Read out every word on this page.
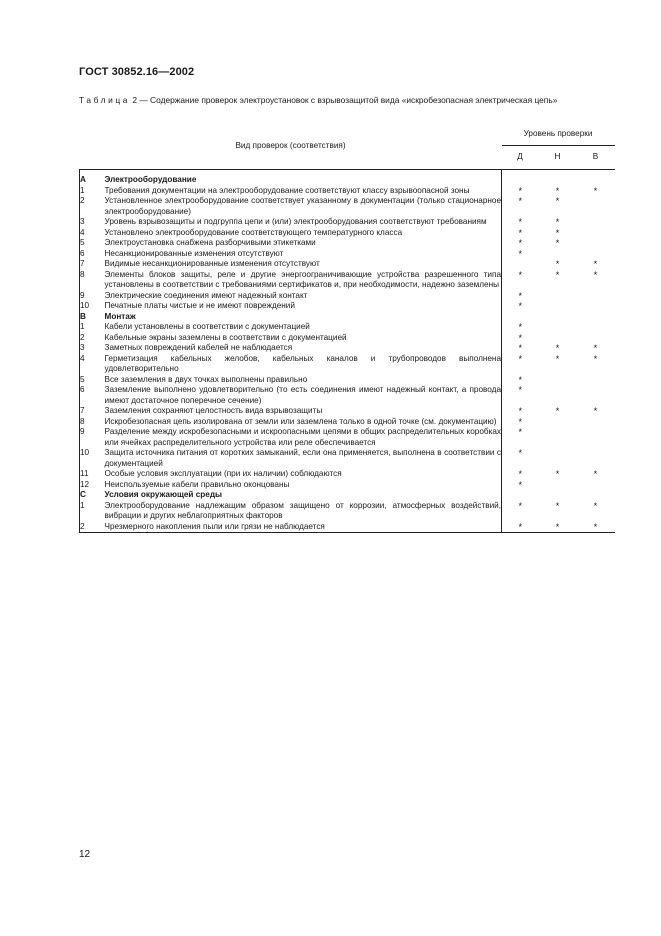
ГОСТ 30852.16—2002
Таблица 2 — Содержание проверок электроустановок с взрывозащитой вида «искробезопасная электрическая цепь»
Вид проверок (соответствия)		Уровень проверки		
		Д	Н	В
A	Электрооборудование			
1	Требования документации на электрооборудование соответствуют классу взрывоопасной зоны	*	*	*
2	Установленное электрооборудование соответствует указанному в документации (только стационарное электрооборудование)	*	*	
3	Уровень взрывозащиты и подгруппа цепи и (или) электрооборудования соответствуют требованиям	*	*	
4	Установлено электрооборудование соответствующего температурного класса	*	*	
5	Электроустановка снабжена разборчивыми этикетками	*	*	
6	Несанкционированные изменения отсутствуют	*		
7	Видимые несанкционированные изменения отсутствуют		*	*
8	Элементы блоков защиты, реле и другие энергоограничивающие устройства разрешенного типа установлены в соответствии с требованиями сертификатов и, при необходимости, надежно заземлены	*	*	*
9	Электрические соединения имеют надежный контакт	*		
10	Печатные платы чистые и не имеют повреждений	*		
B	Монтаж			
1	Кабели установлены в соответствии с документацией	*		
2	Кабельные экраны заземлены в соответствии с документацией	*		
3	Заметных повреждений кабелей не наблюдается	*	*	*
4	Герметизация кабельных желобов, кабельных каналов и трубопроводов выполнена удовлетворительно	*	*	*
5	Все заземления в двух точках выполнены правильно	*		
6	Заземление выполнено удовлетворительно (то есть соединения имеют надежный контакт, а провода имеют достаточное поперечное сечение)	*		
7	Заземления сохраняют целостность вида взрывозащиты	*	*	*
8	Искробезопасная цепь изолирована от земли или заземлена только в одной точке (см. документацию)	*		
9	Разделение между искробезопасными и искроопасными цепями в общих распределительных коробках или ячейках распределительного устройства или реле обеспечивается	*		
10	Защита источника питания от коротких замыканий, если она применяется, выполнена в соответствии с документацией	*		
11	Особые условия эксплуатации (при их наличии) соблюдаются	*	*	*
12	Неиспользуемые кабели правильно оконцованы	*		
C	Условия окружающей среды			
1	Электрооборудование надлежащим образом защищено от коррозии, атмосферных воздействий, вибрации и других неблагоприятных факторов	*	*	*
2	Чрезмерного накопления пыли или грязи не наблюдается	*	*	*
12
